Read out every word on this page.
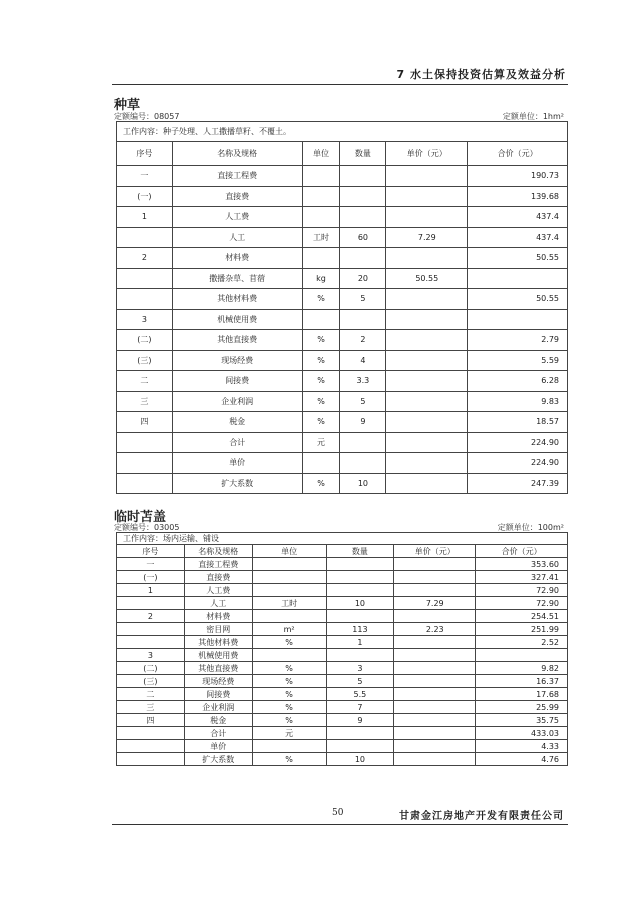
7 水土保持投资估算及效益分析
种草
定额编号：08057	定额单位：1hm²
工作内容：种子处理、人工撒播草籽、不覆土。					
序号	名称及规格	单位	数量	单价（元）	合价（元）
一	直接工程费				190.73
(一)	直接费				139.68
1	人工费				437.4
	人工	工时	60	7.29	437.4
2	材料费				50.55
	撒播杂草、苜蓿	kg	20	50.55	
	其他材料费	%	5		50.55
3	机械使用费				
(二)	其他直接费	%	2		2.79
(三)	现场经费	%	4		5.59
二	间接费	%	3.3		6.28
三	企业利润	%	5		9.83
四	税金	%	9		18.57
	合计	元			224.90
	单价				224.90
	扩大系数	%	10		247.39
临时苫盖
定额编号：03005	定额单位：100m²
工作内容：场内运输、铺设					
序号	名称及规格	单位	数量	单价（元）	合价（元）
一	直接工程费				353.60
(一)	直接费				327.41
1	人工费				72.90
	人工	工时	10	7.29	72.90
2	材料费				254.51
	密目网	m²	113	2.23	251.99
	其他材料费	%	1		2.52
3	机械使用费				
(二)	其他直接费	%	3		9.82
(三)	现场经费	%	5		16.37
二	间接费	%	5.5		17.68
三	企业利润	%	7		25.99
四	税金	%	9		35.75
	合计	元			433.03
	单价				4.33
	扩大系数	%	10		4.76
50	甘肃金江房地产开发有限责任公司
